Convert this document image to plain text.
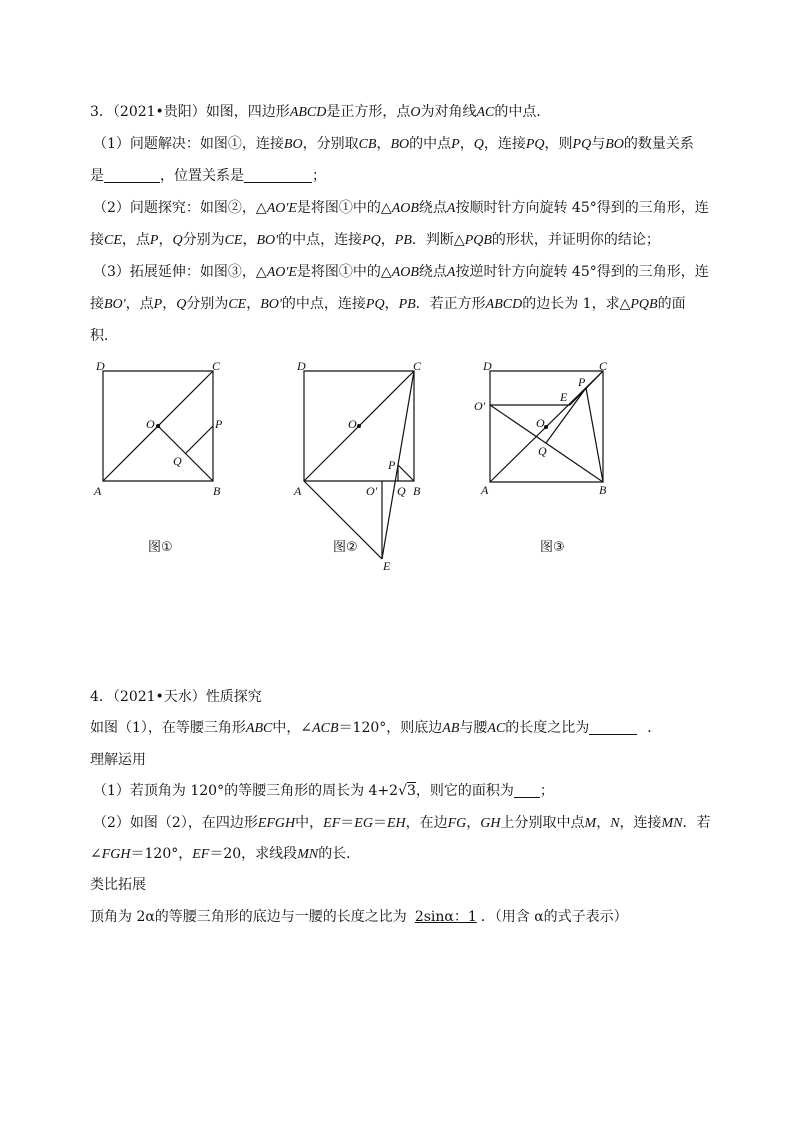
3．（2021•贵阳）如图，四边形ABCD是正方形，点O为对角线AC的中点．
（1）问题解决：如图①，连接BO，分别取CB，BO的中点P，Q，连接PQ，则PQ与BO的数量关系
是	，位置关系是	；
（2）问题探究：如图②，△AO'E是将图①中的△AOB绕点A按顺时针方向旋转 45°得到的三角形，连
接CE，点P，Q分别为CE，BO'的中点，连接PQ，PB．判断△PQB的形状，并证明你的结论；
（3）拓展延伸：如图③，△AO'E是将图①中的△AOB绕点A按逆时针方向旋转 45°得到的三角形，连
接BO'，点P，Q分别为CE，BO'的中点，连接PQ，PB．若正方形ABCD的边长为 1，求△PQB的面
积．
D	C
O	P
Q
A	B
图①
D	C
O
P
A	O' Q B
E
图②
D	C
P
E
O'
O
Q
A	B
图③
4．（2021•天水）性质探究
如图（1），在等腰三角形ABC中，∠ACB＝120°，则底边AB与腰AC的长度之比为	．
理解运用
（1）若顶角为 120°的等腰三角形的周长为 4+2√3，则它的面积为 ；
（2）如图（2），在四边形EFGH中，EF＝EG＝EH，在边FG，GH上分别取中点M，N，连接MN．若
∠FGH＝120°，EF＝20，求线段MN的长．
类比拓展
顶角为 2α的等腰三角形的底边与一腰的长度之比为 2sinα：1 ．（用含 α的式子表示）
